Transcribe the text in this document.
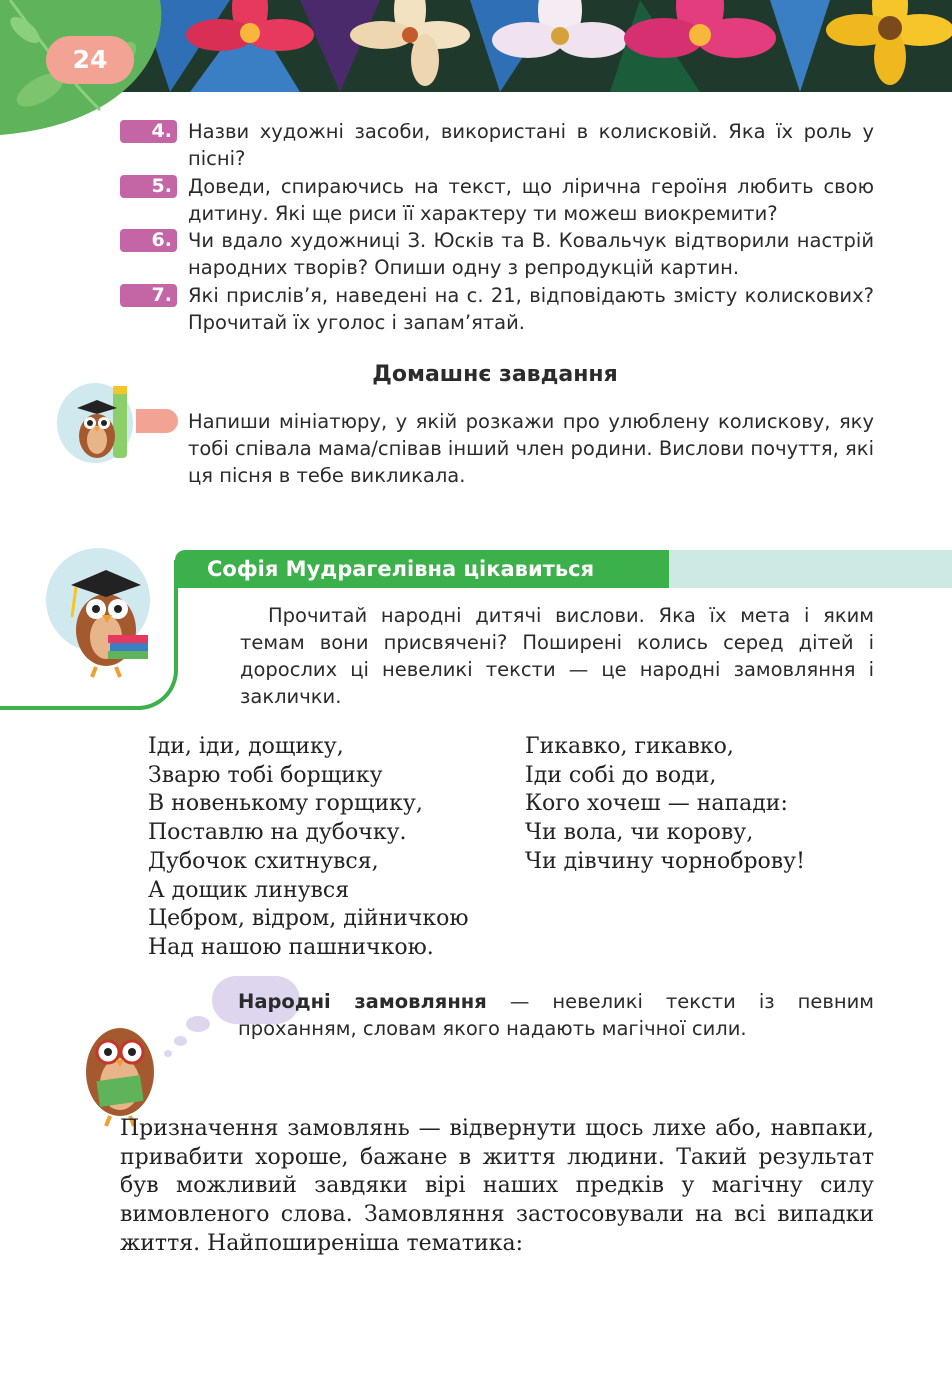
24
4. Назви художні засоби, використані в колисковій. Яка їх роль у пісні?
5. Доведи, спираючись на текст, що лірична героїня любить свою дитину. Які ще риси її характеру ти можеш виокремити?
6. Чи вдало художниці З. Юсків та В. Ковальчук відтворили настрій народних творів? Опиши одну з репродукцій картин.
7. Які прислів’я, наведені на с. 21, відповідають змісту колискових? Прочитай їх уголос і запам’ятай.
Домашнє завдання
Напиши мініатюру, у якій розкажи про улюблену колискову, яку тобі співала мама/співав інший член родини. Вислови почуття, які ця пісня в тебе викликала.
Софія Мудрагелівна цікавиться
Прочитай народні дитячі вислови. Яка їх мета і яким темам вони присвячені? Поширені колись серед дітей і дорослих ці невеликі тексти — це народні замовляння і заклички.
Іди, іди, дощику,
Зварю тобі борщику
В новенькому горщику,
Поставлю на дубочку.
Дубочок схитнувся,
А дощик линувся
Цебром, відром, дійничкою
Над нашою пашничкою.
Гикавко, гикавко,
Іди собі до води,
Кого хочеш — напади:
Чи вола, чи корову,
Чи дівчину чорноброву!
Народні замовляння — невеликі тексти із певним проханням, словам якого надають магічної сили.
Призначення замовлянь — відвернути щось лихе або, навпаки, привабити хороше, бажане в життя людини. Такий результат був можливий завдяки вірі наших предків у магічну силу вимовленого слова. Замовляння застосовували на всі випадки життя. Найпоширеніша тематика:
